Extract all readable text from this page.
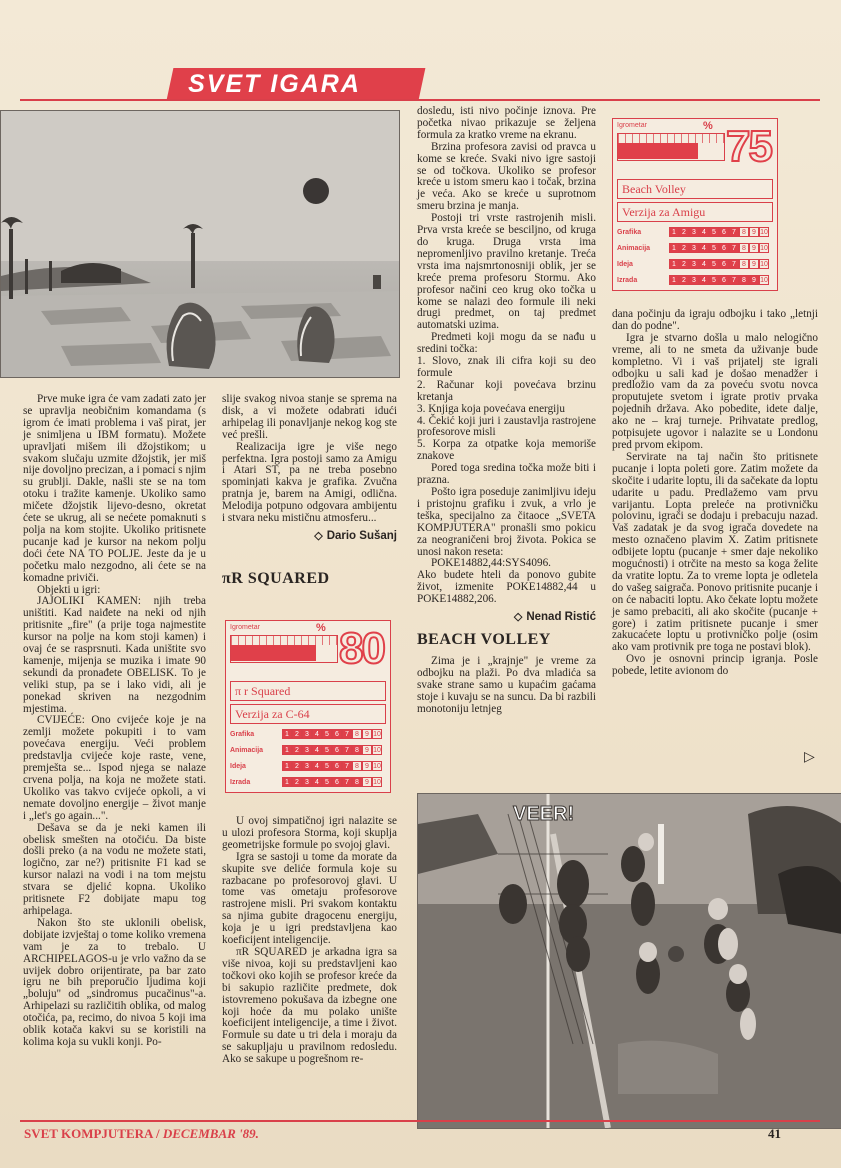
SVET IGARA

Prve muke igra će vam zadati zato jer se upravlja neobičnim komandama (s igrom će imati problema i vaš pirat, jer je snimljena u IBM formatu). Možete upravljati mišem ili džojstikom; u svakom slučaju uzmite džojstik, jer miš nije dovoljno precizan, a i pomaci s njim su grublji. Dakle, našli ste se na tom otoku i tražite kamenje. Ukoliko samo mičete džojstik lijevo-desno, okretat ćete se ukrug, ali se nećete pomaknuti s polja na kom stojite. Ukoliko pritisnete pucanje kad je kursor na nekom polju doći ćete NA TO POLJE. Jeste da je u početku malo nezgodno, ali ćete se na komadne priviči.

Objekti u igri:

JAJOLIKI KAMEN: njih treba uništiti. Kad naiđete na neki od njih pritisnite „fire" (a prije toga najmestite kursor na polje na kom stoji kamen) i ovaj će se rasprsnuti. Kada uništite svo kamenje, mijenja se muzika i imate 90 sekundi da pronađete OBELISK. To je veliki stup, pa se i lako vidi, ali je ponekad skriven na nezgodnim mjestima.

CVIJEĆE: Ono cvijeće koje je na zemlji možete pokupiti i to vam povećava energiju. Veći problem predstavlja cvijeće koje raste, vene, premješta se... Ispod njega se nalaze crvena polja, na koja ne možete stati. Ukoliko vas takvo cvijeće opkoli, a vi nemate dovoljno energije – život manje i „let's go again...".

Dešava se da je neki kamen ili obelisk smešten na otočiću. Da biste došli preko (a na vodu ne možete stati, logično, zar ne?) pritisnite F1 kad se kursor nalazi na vodi i na tom mejstu stvara se djelić kopna. Ukoliko pritisnete F2 dobijate mapu tog arhipelaga.

Nakon što ste uklonili obelisk, dobijate izvještaj o tome koliko vremena vam je za to trebalo. U ARCHIPELAGOS-u je vrlo važno da se uvijek dobro orijentirate, pa bar zato igru ne bih preporučio ljudima koji „boluju" od „sindromus pucačinus"-a. Arhipelazi su različitih oblika, od malog otočića, pa, recimo, do nivoa 5 koji ima oblik kotača kakvi su se koristili na kolima koja su vukli konji. Po-

slije svakog nivoa stanje se sprema na disk, a vi možete odabrati idući arhipelag ili ponavljanje nekog kog ste već prešli.

Realizacija igre je više nego perfektna. Igra postoji samo za Amigu i Atari ST, pa ne treba posebno spominjati kakva je grafika. Zvučna pratnja je, barem na Amigi, odlična. Melodija potpuno odgovara ambijentu i stvara neku mističnu atmosferu...

◇ Dario Sušanj
πR SQUARED
Igrometar	% 80
π r Squared
Verzija za C-64
Grafika	1 2 3 4 5 6 7 8 9 10
Animacija	1 2 3 4 5 6 7 8 9 10
Ideja	1 2 3 4 5 6 7 8 9 10
Izrada	1 2 3 4 5 6 7 8 9 10

U ovoj simpatičnoj igri nalazite se u ulozi profesora Storma, koji skuplja geometrijske formule po svojoj glavi.

Igra se sastoji u tome da morate da skupite sve deliće formula koje su razbacane po profesorovoj glavi. U tome vas ometaju profesorove rastrojene misli. Pri svakom kontaktu sa njima gubite dragocenu energiju, koja je u igri predstavljena kao koeficijent inteligencije.

πR SQUARED je arkadna igra sa više nivoa, koji su predstavljeni kao točkovi oko kojih se profesor kreće da bi sakupio različite predmete, dok istovremeno pokušava da izbegne one koji hoće da mu polako unište koeficijent inteligencije, a time i život. Formule su date u tri dela i moraju da se sakupljaju u pravilnom redosledu. Ako se sakupe u pogrešnom re-

dosledu, isti nivo počinje iznova. Pre početka nivao prikazuje se željena formula za kratko vreme na ekranu.

Brzina profesora zavisi od pravca u kome se kreće. Svaki nivo igre sastoji se od točkova. Ukoliko se profesor kreće u istom smeru kao i točak, brzina je veća. Ako se kreće u suprotnom smeru brzina je manja.

Postoji tri vrste rastrojenih misli. Prva vrsta kreće se besciljno, od kruga do kruga. Druga vrsta ima nepromenljivo pravilno kretanje. Treća vrsta ima najsmrtonosniji oblik, jer se kreće prema profesoru Stormu. Ako profesor načini ceo krug oko točka u kome se nalazi deo formule ili neki drugi predmet, on taj predmet automatski uzima.

Predmeti koji mogu da se nađu u sredini točka:

1. Slovo, znak ili cifra koji su deo formule

2. Računar koji povećava brzinu kretanja

3. Knjiga koja povećava energiju

4. Čekić koji juri i zaustavlja rastrojene profesorove misli

5. Korpa za otpatke koja memoriše znakove

Pored toga sredina točka može biti i prazna.

Pošto igra poseduje zanimljivu ideju i pristojnu grafiku i zvuk, a vrlo je teška, specijalno za čitaoce „SVETA KOMPJUTERA" pronašli smo pokicu za neograničeni broj života. Pokica se unosi nakon reseta:

POKE14882,44:SYS4096.

Ako budete hteli da ponovo gubite život, izmenite POKE14882,44 u POKE14882,206.

◇ Nenad Ristić
BEACH VOLLEY

Zima je i „krajnje" je vreme za odbojku na plaži. Po dva mladića sa svake strane samo u kupaćim gaćama stoje i kuvaju se na suncu. Da bi razbili monotoniju letnjeg

Igrometar	% 75
Beach Volley
Verzija za Amigu
Grafika	1 2 3 4 5 6 7 8 9 10
Animacija	1 2 3 4 5 6 7 8 9 10
Ideja	1 2 3 4 5 6 7 8 9 10
Izrada	1 2 3 4 5 6 7 8 9 10

dana počinju da igraju odbojku i tako „letnji dan do podne".

Igra je stvarno došla u malo nelogično vreme, ali to ne smeta da uživanje bude kompletno. Vi i vaš prijatelj ste igrali odbojku u sali kad je došao menadžer i predložio vam da za poveću svotu novca proputujete svetom i igrate protiv prvaka pojednih država. Ako pobedite, idete dalje, ako ne – kraj turneje. Prihvatate predlog, potpisujete ugovor i nalazite se u Londonu pred prvom ekipom.

Servirate na taj način što pritisnete pucanje i lopta poleti gore. Zatim možete da skočite i udarite loptu, ili da sačekate da loptu udarite u padu. Predlažemo vam prvu varijantu. Lopta preleće na protivničku polovinu, igrači se dodaju i prebacuju nazad. Vaš zadatak je da svog igrača dovedete na mesto označeno plavim X. Zatim pritisnete odbijete loptu (pucanje + smer daje nekoliko mogućnosti) i otrčite na mesto sa koga želite da vratite loptu. Za to vreme lopta je odletela do vašeg saigrača. Ponovo pritisnite pucanje i on će nabaciti loptu. Ako čekate loptu možete je samo prebaciti, ali ako skočite (pucanje + gore) i zatim pritisnete pucanje i smer zakucaćete loptu u protivničko polje (osim ako vam protivnik pre toga ne postavi blok).

Ovo je osnovni princip igranja. Posle pobede, letite avionom do

▷
VEER!
SVET KOMPJUTERA / DECEMBAR '89.	41
